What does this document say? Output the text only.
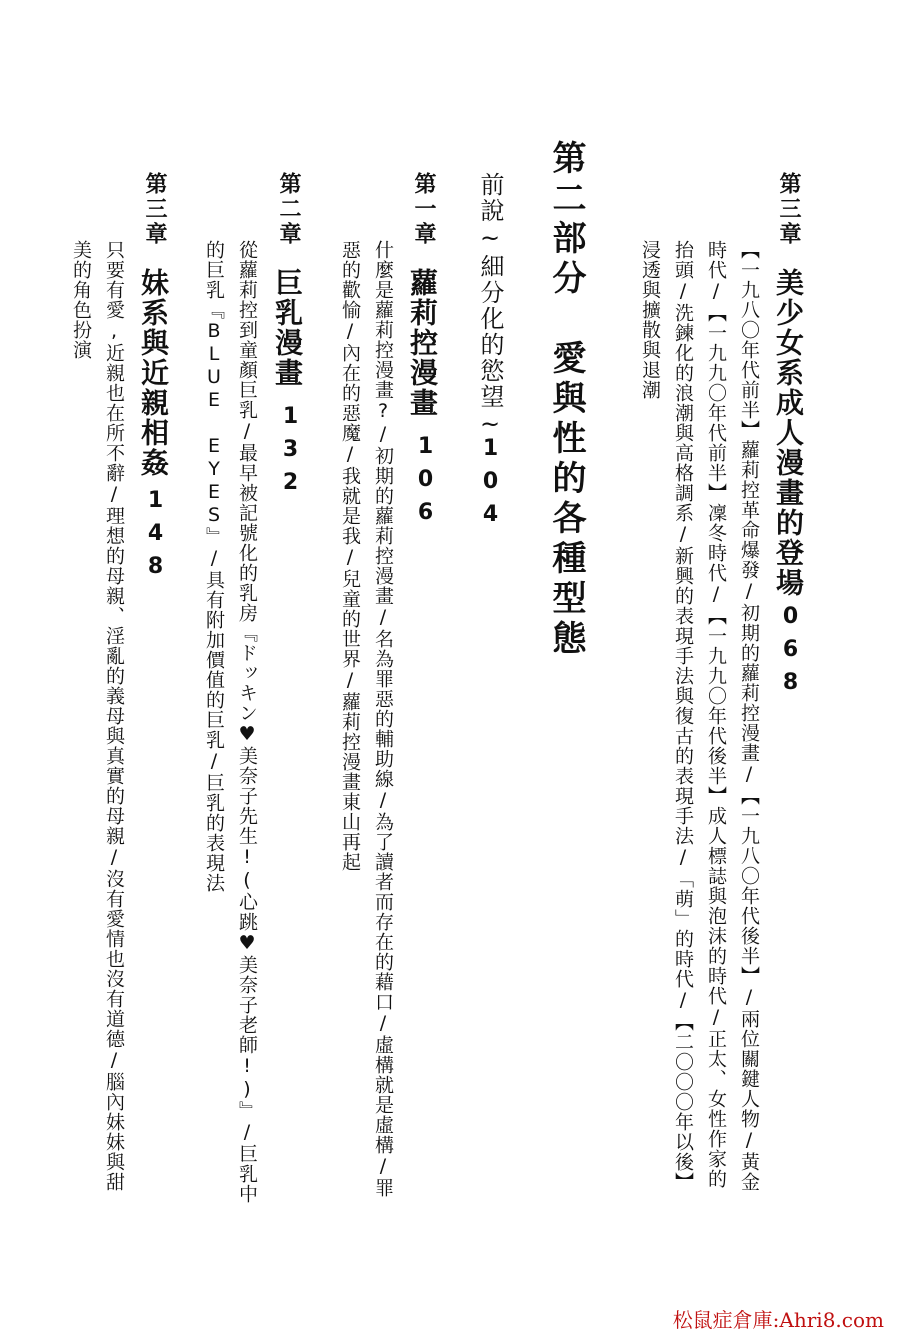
第三章
美少女系成人漫畫的登場
068
【一九八〇年代前半】蘿莉控革命爆發/初期的蘿莉控漫畫/【一九八〇年代後半】/兩位關鍵人物/黃金
時代/【一九九〇年代前半】凜冬時代/【一九九〇年代後半】成人標誌與泡沫的時代/正太、女性作家的
抬頭/洗鍊化的浪潮與高格調系/新興的表現手法與復古的表現手法/「萌」的時代/【二〇〇〇年以後】
浸透與擴散與退潮
第二部分　愛與性的各種型態
前說~細分化的慾望~
104
第一章
蘿莉控漫畫
106
什麼是蘿莉控漫畫?/初期的蘿莉控漫畫/名為罪惡的輔助線/為了讀者而存在的藉口/虛構就是虛構/罪
惡的歡愉/內在的惡魔/我就是我/兒童的世界/蘿莉控漫畫東山再起
第二章
巨乳漫畫
132
從蘿莉控到童顏巨乳/最早被記號化的乳房『ドッキン♥美奈子先生!(心跳♥美奈子老師!)』/巨乳中
的巨乳『BLUE EYES』/具有附加價值的巨乳/巨乳的表現法
第三章
妹系與近親相姦
148
只要有愛,近親也在所不辭/理想的母親、淫亂的義母與真實的母親/沒有愛情也沒有道德/腦內妹妹與甜
美的角色扮演
松鼠症倉庫:Ahri8.com
